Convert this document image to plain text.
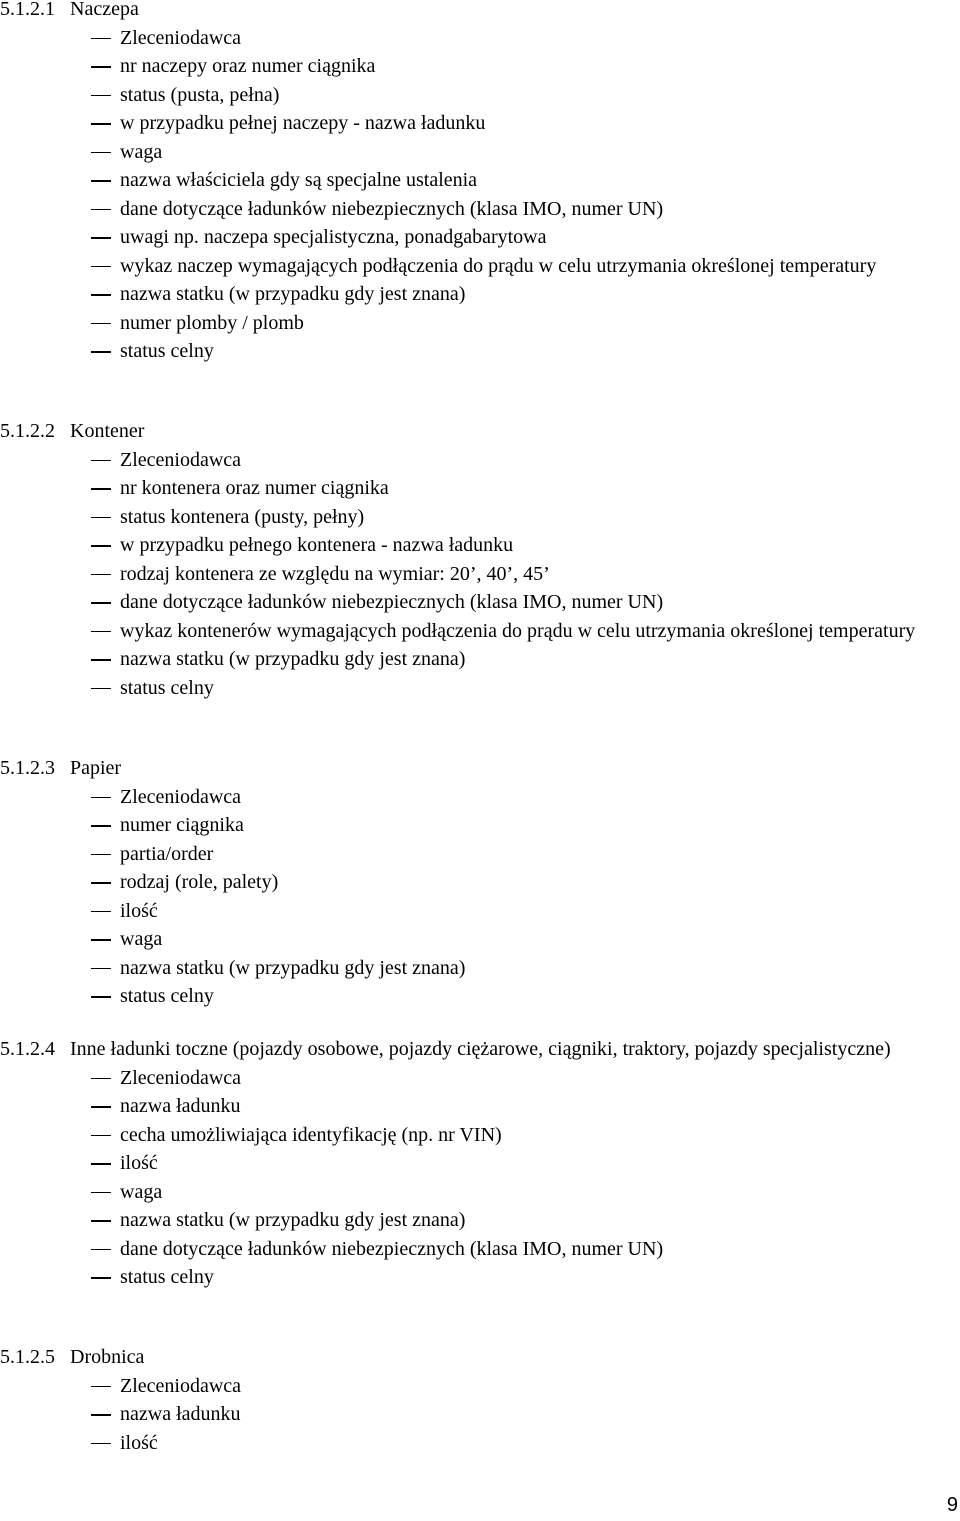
5.1.2.1 Naczepa
Zleceniodawca
nr naczepy oraz numer ciągnika
status (pusta, pełna)
w przypadku pełnej naczepy - nazwa ładunku
waga
nazwa właściciela gdy są specjalne ustalenia
dane dotyczące ładunków niebezpiecznych (klasa IMO, numer UN)
uwagi np. naczepa specjalistyczna, ponadgabarytowa
wykaz naczep wymagających podłączenia do prądu w celu utrzymania określonej temperatury
nazwa statku (w przypadku gdy jest znana)
numer plomby / plomb
status celny
5.1.2.2 Kontener
Zleceniodawca
nr kontenera oraz numer ciągnika
status kontenera (pusty, pełny)
w przypadku pełnego kontenera - nazwa ładunku
rodzaj kontenera ze względu na wymiar: 20’, 40’, 45’
dane dotyczące ładunków niebezpiecznych (klasa IMO, numer UN)
wykaz kontenerów wymagających podłączenia do prądu w celu utrzymania określonej temperatury
nazwa statku (w przypadku gdy jest znana)
status celny
5.1.2.3 Papier
Zleceniodawca
numer ciągnika
partia/order
rodzaj (role, palety)
ilość
waga
nazwa statku (w przypadku gdy jest znana)
status celny
5.1.2.4 Inne ładunki toczne (pojazdy osobowe, pojazdy ciężarowe, ciągniki, traktory, pojazdy specjalistyczne)
Zleceniodawca
nazwa ładunku
cecha umożliwiająca identyfikację (np. nr VIN)
ilość
waga
nazwa statku (w przypadku gdy jest znana)
dane dotyczące ładunków niebezpiecznych (klasa IMO, numer UN)
status celny
5.1.2.5 Drobnica
Zleceniodawca
nazwa ładunku
ilość
9
